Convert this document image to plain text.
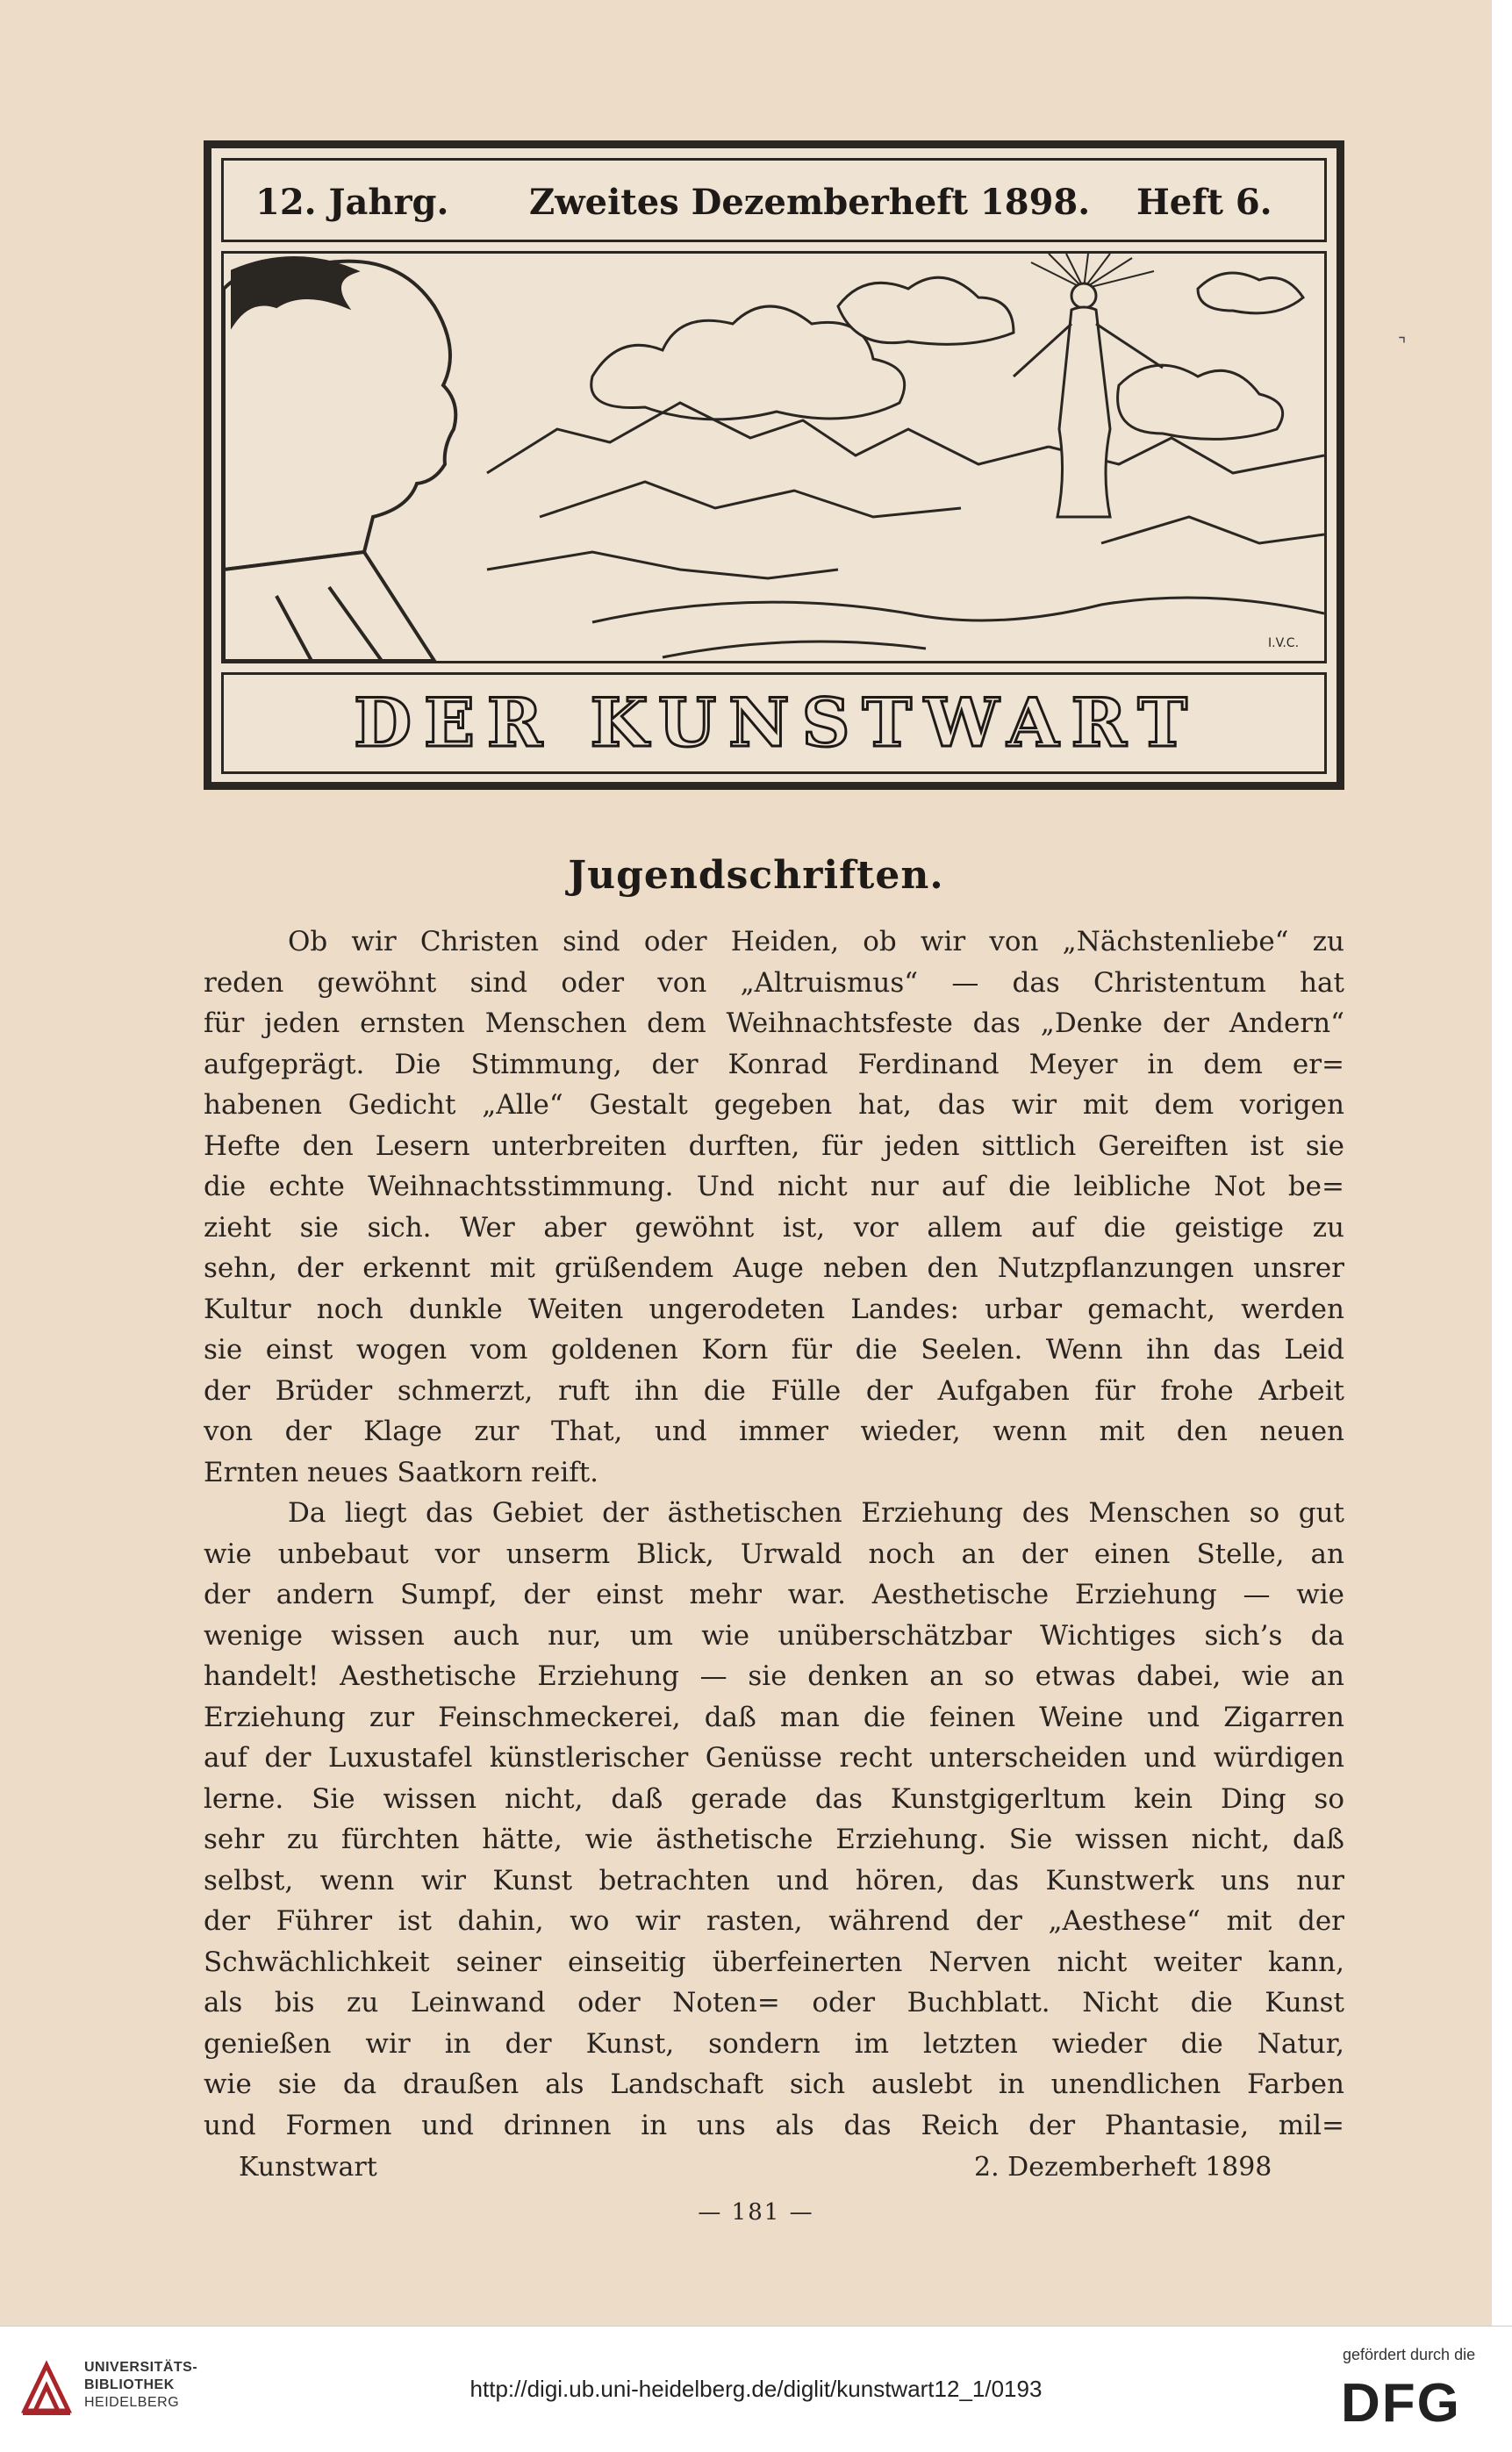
12. Jahrg. Zweites Dezemberheft 1898. Heft 6.
I.V.C.
DER KUNSTWART
⌝
Jugendschriften.
Ob wir Christen sind oder Heiden, ob wir von „Nächstenliebe“ zu
reden gewöhnt sind oder von „Altruismus“ — das Christentum hat
für jeden ernsten Menschen dem Weihnachtsfeste das „Denke der Andern“
aufgeprägt. Die Stimmung, der Konrad Ferdinand Meyer in dem er=
habenen Gedicht „Alle“ Gestalt gegeben hat, das wir mit dem vorigen
Hefte den Lesern unterbreiten durften, für jeden sittlich Gereiften ist sie
die echte Weihnachtsstimmung. Und nicht nur auf die leibliche Not be=
zieht sie sich. Wer aber gewöhnt ist, vor allem auf die geistige zu
sehn, der erkennt mit grüßendem Auge neben den Nutzpflanzungen unsrer
Kultur noch dunkle Weiten ungerodeten Landes: urbar gemacht, werden
sie einst wogen vom goldenen Korn für die Seelen. Wenn ihn das Leid
der Brüder schmerzt, ruft ihn die Fülle der Aufgaben für frohe Arbeit
von der Klage zur That, und immer wieder, wenn mit den neuen
Ernten neues Saatkorn reift.
Da liegt das Gebiet der ästhetischen Erziehung des Menschen so gut
wie unbebaut vor unserm Blick, Urwald noch an der einen Stelle, an
der andern Sumpf, der einst mehr war. Aesthetische Erziehung — wie
wenige wissen auch nur, um wie unüberschätzbar Wichtiges sich’s da
handelt! Aesthetische Erziehung — sie denken an so etwas dabei, wie an
Erziehung zur Feinschmeckerei, daß man die feinen Weine und Zigarren
auf der Luxustafel künstlerischer Genüsse recht unterscheiden und würdigen
lerne. Sie wissen nicht, daß gerade das Kunstgigerltum kein Ding so
sehr zu fürchten hätte, wie ästhetische Erziehung. Sie wissen nicht, daß
selbst, wenn wir Kunst betrachten und hören, das Kunstwerk uns nur
der Führer ist dahin, wo wir rasten, während der „Aesthese“ mit der
Schwächlichkeit seiner einseitig überfeinerten Nerven nicht weiter kann,
als bis zu Leinwand oder Noten= oder Buchblatt. Nicht die Kunst
genießen wir in der Kunst, sondern im letzten wieder die Natur,
wie sie da draußen als Landschaft sich auslebt in unendlichen Farben
und Formen und drinnen in uns als das Reich der Phantasie, mil=
Kunstwart	2. Dezemberheft 1898
— 181 —
UNIVERSITÄTS-
BIBLIOTHEK
HEIDELBERG
http://digi.ub.uni-heidelberg.de/diglit/kunstwart12_1/0193
gefördert durch die
DFG
